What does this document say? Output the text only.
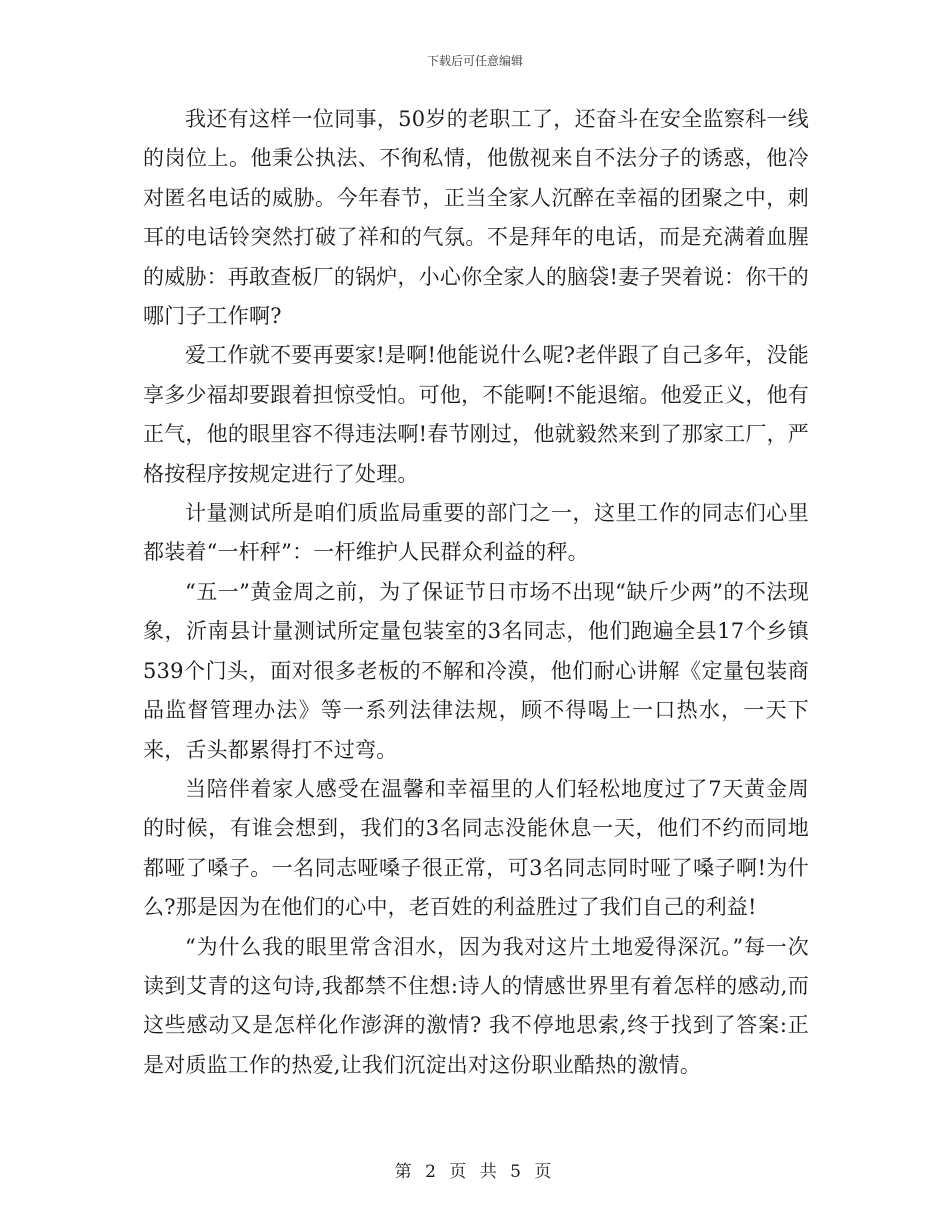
下载后可任意编辑

我还有这样一位同事，50岁的老职工了，还奋斗在安全监察科一线的岗位上。他秉公执法、不徇私情，他傲视来自不法分子的诱惑，他冷对匿名电话的威胁。今年春节，正当全家人沉醉在幸福的团聚之中，刺耳的电话铃突然打破了祥和的气氛。不是拜年的电话，而是充满着血腥的威胁：再敢查板厂的锅炉，小心你全家人的脑袋!妻子哭着说：你干的哪门子工作啊?

爱工作就不要再要家!是啊!他能说什么呢?老伴跟了自己多年，没能享多少福却要跟着担惊受怕。可他，不能啊!不能退缩。他爱正义，他有正气，他的眼里容不得违法啊!春节刚过，他就毅然来到了那家工厂，严格按程序按规定进行了处理。

计量测试所是咱们质监局重要的部门之一，这里工作的同志们心里都装着“一杆秤”：一杆维护人民群众利益的秤。

“五一”黄金周之前，为了保证节日市场不出现“缺斤少两”的不法现象，沂南县计量测试所定量包装室的3名同志，他们跑遍全县17个乡镇539个门头，面对很多老板的不解和冷漠，他们耐心讲解《定量包装商品监督管理办法》等一系列法律法规，顾不得喝上一口热水，一天下来，舌头都累得打不过弯。

当陪伴着家人感受在温馨和幸福里的人们轻松地度过了7天黄金周的时候，有谁会想到，我们的3名同志没能休息一天，他们不约而同地都哑了嗓子。一名同志哑嗓子很正常，可3名同志同时哑了嗓子啊!为什么?那是因为在他们的心中，老百姓的利益胜过了我们自己的利益!

“为什么我的眼里常含泪水，因为我对这片土地爱得深沉。”每一次读到艾青的这句诗,我都禁不住想:诗人的情感世界里有着怎样的感动,而这些感动又是怎样化作澎湃的激情? 我不停地思索,终于找到了答案:正是对质监工作的热爱,让我们沉淀出对这份职业酷热的激情。

第 2 页 共 5 页
